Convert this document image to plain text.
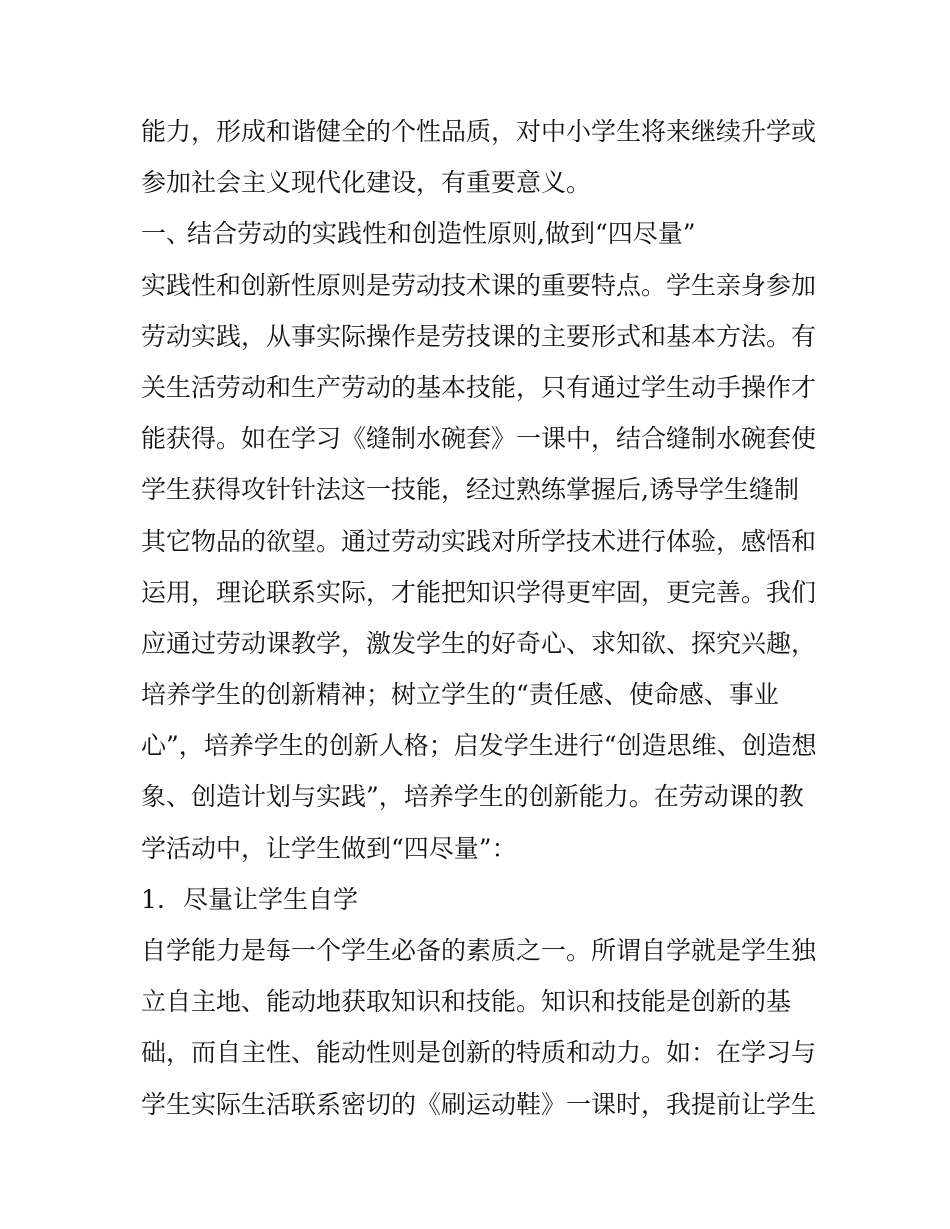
能力，形成和谐健全的个性品质，对中小学生将来继续升学或
参加社会主义现代化建设，有重要意义。
一、结合劳动的实践性和创造性原则,做到“四尽量”
实践性和创新性原则是劳动技术课的重要特点。学生亲身参加
劳动实践，从事实际操作是劳技课的主要形式和基本方法。有
关生活劳动和生产劳动的基本技能，只有通过学生动手操作才
能获得。如在学习《缝制水碗套》一课中，结合缝制水碗套使
学生获得攻针针法这一技能，经过熟练掌握后,诱导学生缝制
其它物品的欲望。通过劳动实践对所学技术进行体验，感悟和
运用，理论联系实际，才能把知识学得更牢固，更完善。我们
应通过劳动课教学，激发学生的好奇心、求知欲、探究兴趣，
培养学生的创新精神；树立学生的“责任感、使命感、事业
心”，培养学生的创新人格；启发学生进行“创造思维、创造想
象、创造计划与实践”，培养学生的创新能力。在劳动课的教
学活动中，让学生做到“四尽量”：
1. 尽量让学生自学
自学能力是每一个学生必备的素质之一。所谓自学就是学生独
立自主地、能动地获取知识和技能。知识和技能是创新的基
础，而自主性、能动性则是创新的特质和动力。如：在学习与
学生实际生活联系密切的《刷运动鞋》一课时，我提前让学生
